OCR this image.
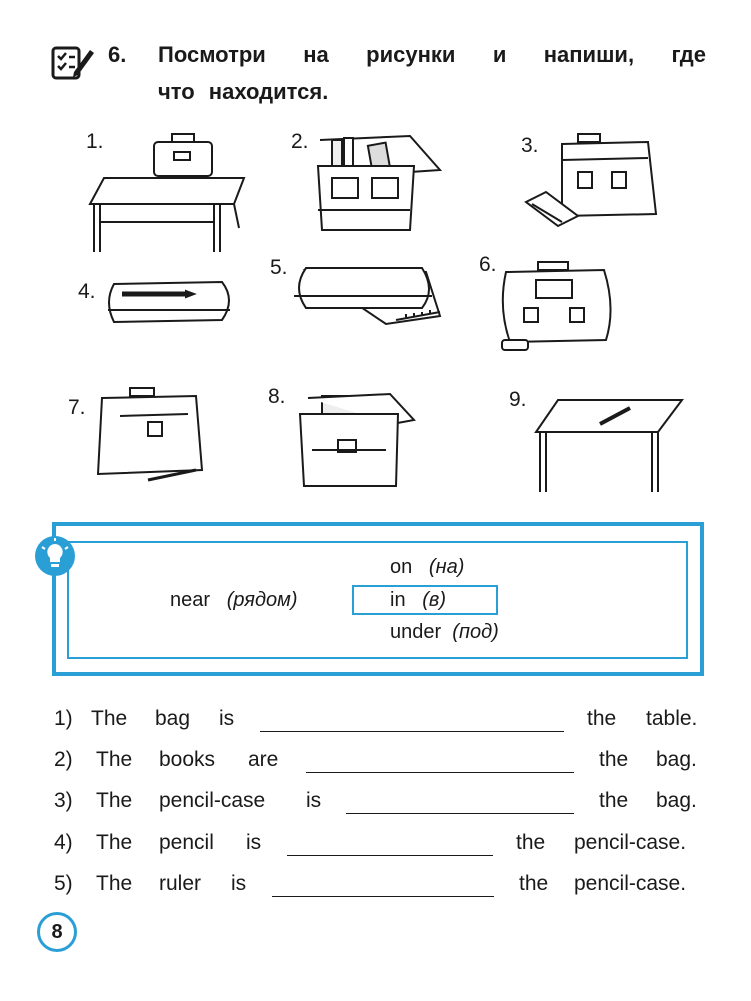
6. Посмотри на рисунки и напиши, где
что находится.
1.	2.	3.
4.
5.	6.
7.	8.	9.
on (на)
near (рядом)	in (в)
under (под)
1) The bag is	the table.
2) The books are	the bag.
3) The pencil-case is	the bag.
4) The pencil is	the pencil-case.
5) The ruler is	the pencil-case.
8
